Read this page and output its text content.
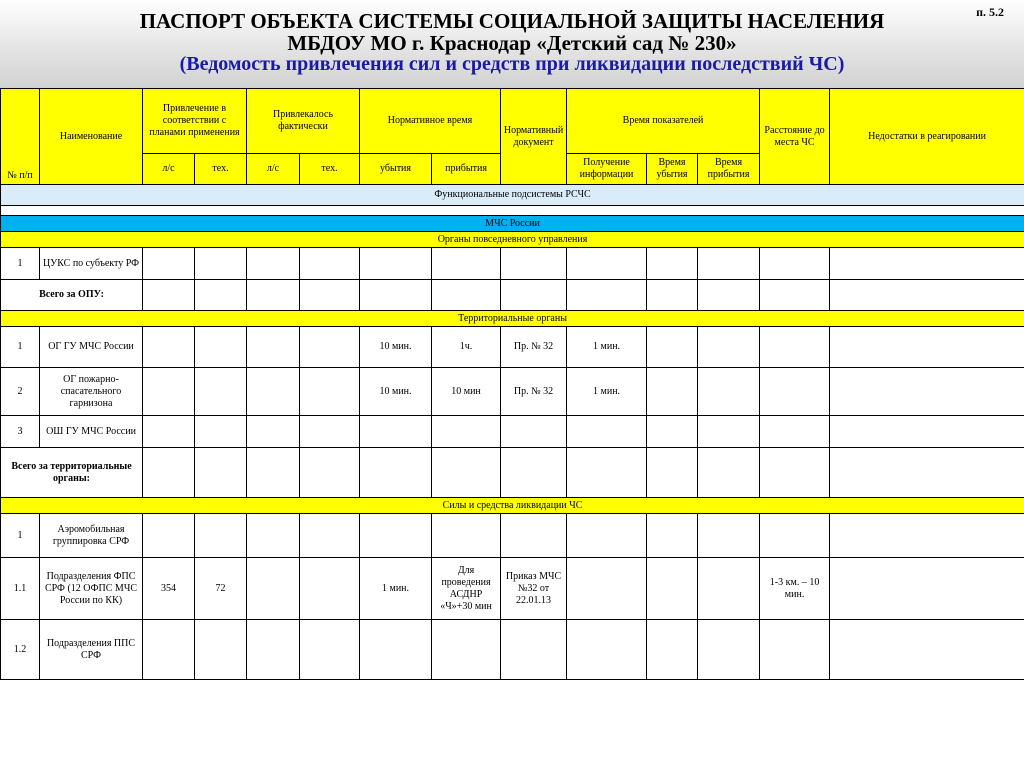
ПАСПОРТ ОБЪЕКТА СИСТЕМЫ СОЦИАЛЬНОЙ ЗАЩИТЫ НАСЕЛЕНИЯ
МБДОУ МО г. Краснодар «Детский сад № 230»
(Ведомость привлечения сил и средств при ликвидации последствий ЧС)
п. 5.2
№ п/п	Наименование	Привлечение в соответствии с планами применения		Привлекалось фактически		Нормативное время		Нормативный документ	Время показателей			Расстояние до места ЧС	Недостатки в реагировании
		л/с	тех.	л/с	тех.	убытия	прибытия		Получение информации	Время убытия	Время прибытия		
Функциональные подсистемы РСЧС													

МЧС России													
Органы повседневного управления													
1	ЦУКС по субъекту РФ												
Всего за ОПУ:													
Территориальные органы													
1	ОГ ГУ МЧС России					10 мин.	1ч.	Пр. № 32	1 мин.				
2	ОГ пожарно-спасательного гарнизона					10 мин.	10 мин	Пр. № 32	1 мин.				
3	ОШ ГУ МЧС России												
Всего за территориальные органы:													
Силы и средства ликвидации ЧС													
1	Аэромобильная группировка СРФ												
1.1	Подразделения ФПС СРФ (12 ОФПС МЧС России по КК)	354	72			1 мин.	Для проведения АСДНР «Ч»+30 мин	Приказ МЧС №32 от 22.01.13				1-3 км. – 10 мин.	
1.2	Подразделения ППС СРФ												
